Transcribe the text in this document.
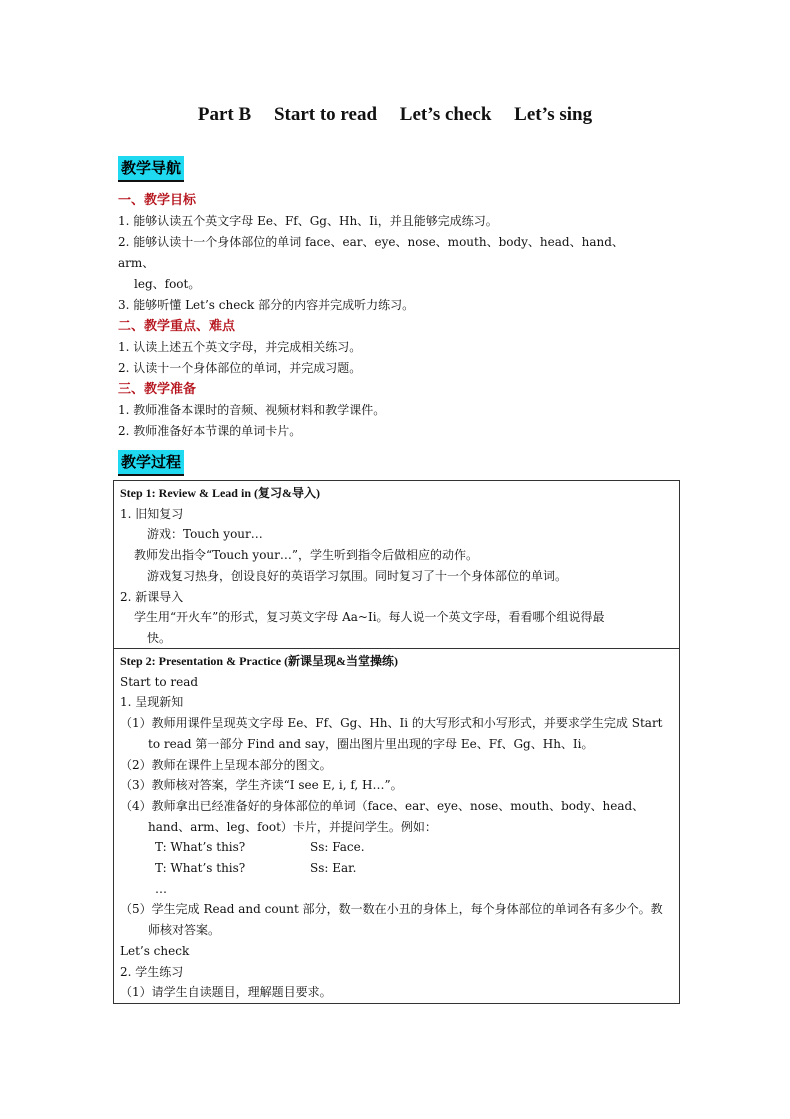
Part B Start to read Let’s check Let’s sing
教学导航
一、教学目标
1. 能够认读五个英文字母 Ee、Ff、Gg、Hh、Ii，并且能够完成练习。
2. 能够认读十一个身体部位的单词 face、ear、eye、nose、mouth、body、head、hand、
arm、
leg、foot。
3. 能够听懂 Let’s check 部分的内容并完成听力练习。
二、教学重点、难点
1. 认读上述五个英文字母，并完成相关练习。
2. 认读十一个身体部位的单词，并完成习题。
三、教学准备
1. 教师准备本课时的音频、视频材料和教学课件。
2. 教师准备好本节课的单词卡片。
教学过程
Step 1: Review & Lead in (复习&导入)
1. 旧知复习
游戏：Touch your…
教师发出指令“Touch your…”，学生听到指令后做相应的动作。
游戏复习热身，创设良好的英语学习氛围。同时复习了十一个身体部位的单词。
2. 新课导入
学生用“开火车”的形式，复习英文字母 Aa~Ii。每人说一个英文字母，看看哪个组说得最
快。
Step 2: Presentation & Practice (新课呈现&当堂操练)
Start to read
1. 呈现新知
（1）教师用课件呈现英文字母 Ee、Ff、Gg、Hh、Ii 的大写形式和小写形式，并要求学生完成 Start to read 第一部分 Find and say，圈出图片里出现的字母 Ee、Ff、Gg、Hh、Ii。
（2）教师在课件上呈现本部分的图文。
（3）教师核对答案，学生齐读“I see E, i, f, H…”。
（4）教师拿出已经准备好的身体部位的单词（face、ear、eye、nose、mouth、body、head、hand、arm、leg、foot）卡片，并提问学生。例如：
T: What’s this?	Ss: Face.
T: What’s this?	Ss: Ear.
…
（5）学生完成 Read and count 部分，数一数在小丑的身体上，每个身体部位的单词各有多少个。教师核对答案。
Let’s check
2. 学生练习
（1）请学生自读题目，理解题目要求。
